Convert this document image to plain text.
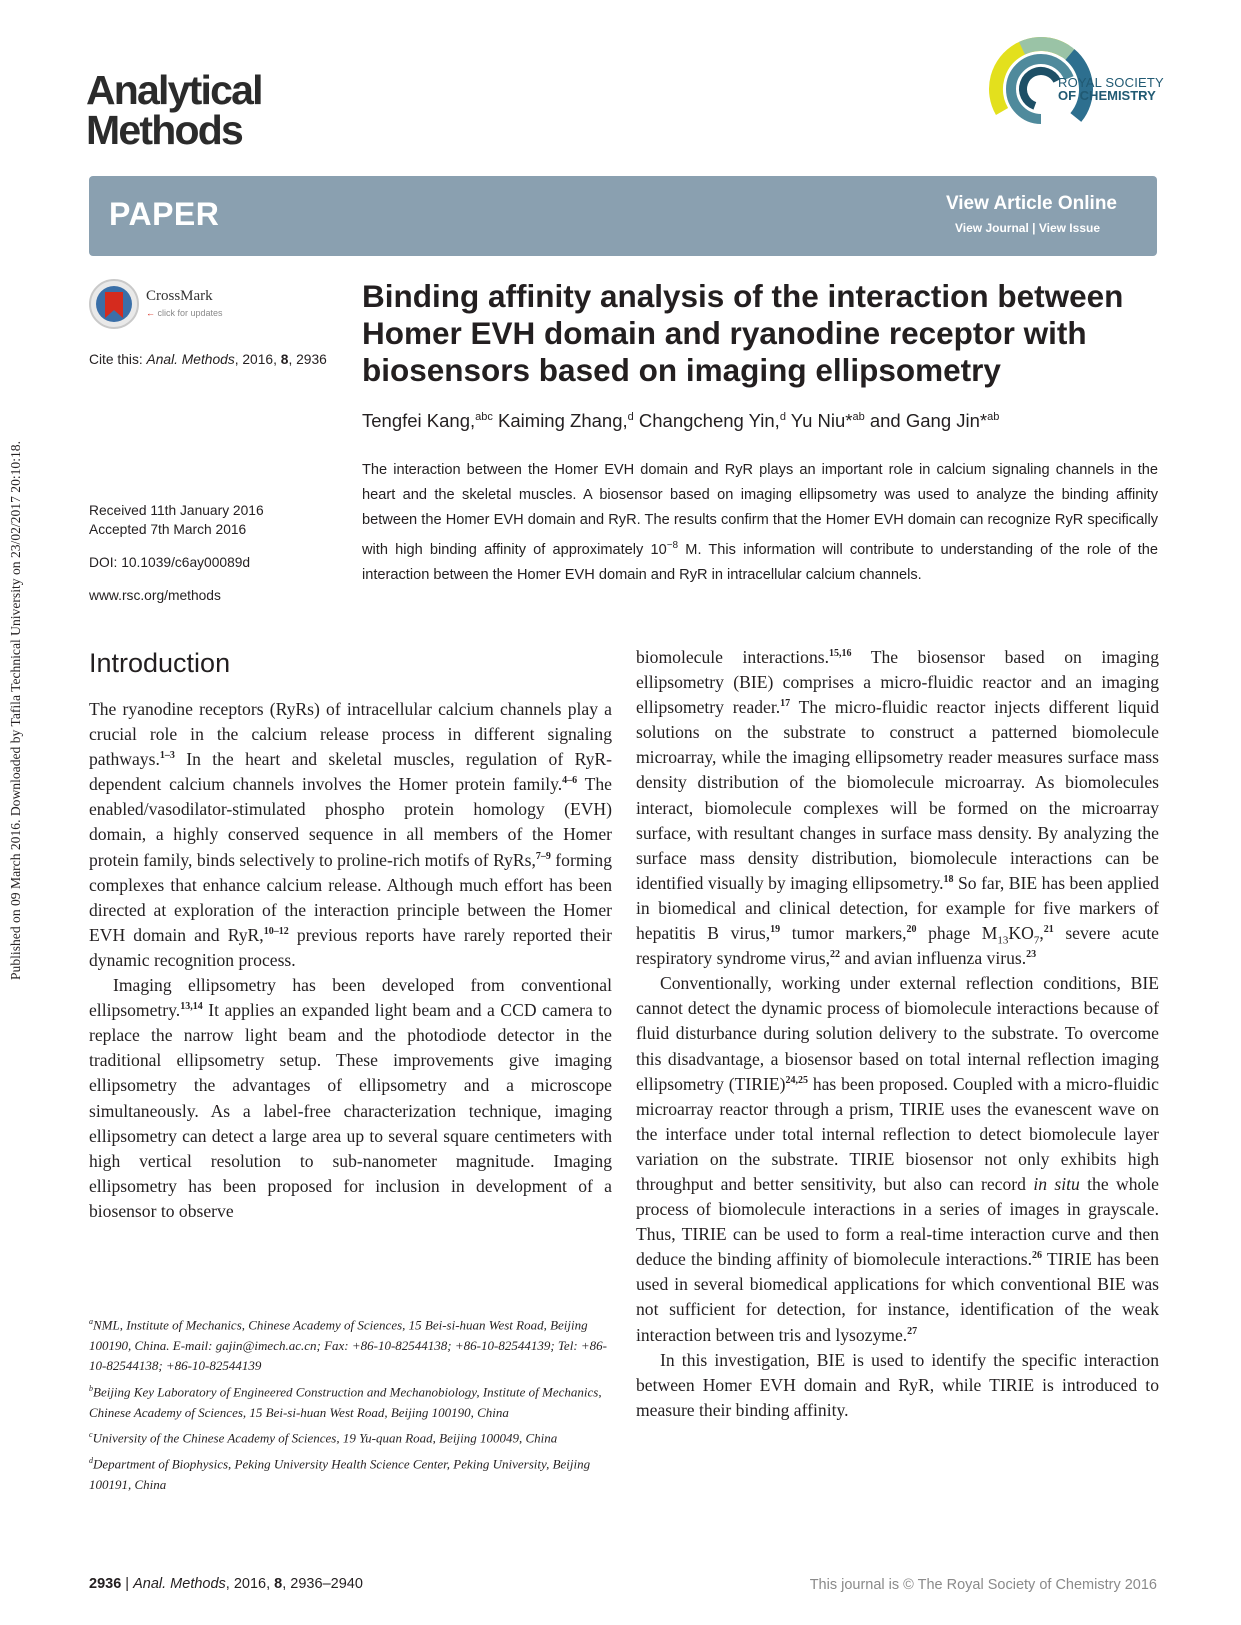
Published on 09 March 2016. Downloaded by Tafila Technical University on 23/02/2017 20:10:18.
Analytical
Methods
ROYAL SOCIETY
OF CHEMISTRY
PAPER	View Article Online
View Journal | View Issue
CrossMark
← click for updates
Cite this: Anal. Methods, 2016, 8, 2936
Received 11th January 2016
Accepted 7th March 2016
DOI: 10.1039/c6ay00089d
www.rsc.org/methods
Binding affinity analysis of the interaction between Homer EVH domain and ryanodine receptor with biosensors based on imaging ellipsometry
Tengfei Kang,$^{abc}$ Kaiming Zhang,$^d$ Changcheng Yin,$^d$ Yu Niu*$^{ab}$ and Gang Jin*$^{ab}$
The interaction between the Homer EVH domain and RyR plays an important role in calcium signaling channels in the heart and the skeletal muscles. A biosensor based on imaging ellipsometry was used to analyze the binding affinity between the Homer EVH domain and RyR. The results confirm that the Homer EVH domain can recognize RyR specifically with high binding affinity of approximately $10^{-8}$ M. This information will contribute to understanding of the role of the interaction between the Homer EVH domain and RyR in intracellular calcium channels.
Introduction

The ryanodine receptors (RyRs) of intracellular calcium channels play a crucial role in the calcium release process in different signaling pathways.$^{1-3}$ In the heart and skeletal muscles, regulation of RyR-dependent calcium channels involves the Homer protein family.$^{4-6}$ The enabled/vasodilator-stimulated phospho protein homology (EVH) domain, a highly conserved sequence in all members of the Homer protein family, binds selectively to proline-rich motifs of RyRs,$^{7-9}$ forming complexes that enhance calcium release. Although much effort has been directed at exploration of the interaction principle between the Homer EVH domain and RyR,$^{10-12}$ previous reports have rarely reported their dynamic recognition process.

Imaging ellipsometry has been developed from conventional ellipsometry.$^{13,14}$ It applies an expanded light beam and a CCD camera to replace the narrow light beam and the photodiode detector in the traditional ellipsometry setup. These improvements give imaging ellipsometry the advantages of ellipsometry and a microscope simultaneously. As a label-free characterization technique, imaging ellipsometry can detect a large area up to several square centimeters with high vertical resolution to sub-nanometer magnitude. Imaging ellipsometry has been proposed for inclusion in development of a biosensor to observe

biomolecule interactions.$^{15,16}$ The biosensor based on imaging ellipsometry (BIE) comprises a micro-fluidic reactor and an imaging ellipsometry reader.$^{17}$ The micro-fluidic reactor injects different liquid solutions on the substrate to construct a patterned biomolecule microarray, while the imaging ellipsometry reader measures surface mass density distribution of the biomolecule microarray. As biomolecules interact, biomolecule complexes will be formed on the microarray surface, with resultant changes in surface mass density. By analyzing the surface mass density distribution, biomolecule interactions can be identified visually by imaging ellipsometry.$^{18}$ So far, BIE has been applied in biomedical and clinical detection, for example for five markers of hepatitis B virus,$^{19}$ tumor markers,$^{20}$ phage $M_{13}KO_7,^{21}$ severe acute respiratory syndrome virus,$^{22}$ and avian influenza virus.$^{23}$

Conventionally, working under external reflection conditions, BIE cannot detect the dynamic process of biomolecule interactions because of fluid disturbance during solution delivery to the substrate. To overcome this disadvantage, a biosensor based on total internal reflection imaging ellipsometry (TIRIE)$^{24,25}$ has been proposed. Coupled with a micro-fluidic microarray reactor through a prism, TIRIE uses the evanescent wave on the interface under total internal reflection to detect biomolecule layer variation on the substrate. TIRIE biosensor not only exhibits high throughput and better sensitivity, but also can record in situ the whole process of biomolecule interactions in a series of images in grayscale. Thus, TIRIE can be used to form a real-time interaction curve and then deduce the binding affinity of biomolecule interactions.$^{26}$ TIRIE has been used in several biomedical applications for which conventional BIE was not sufficient for detection, for instance, identification of the weak interaction between tris and lysozyme.$^{27}$

In this investigation, BIE is used to identify the specific interaction between Homer EVH domain and RyR, while TIRIE is introduced to measure their binding affinity.

$^a$NML, Institute of Mechanics, Chinese Academy of Sciences, 15 Bei-si-huan West Road, Beijing 100190, China. E-mail: gajin@imech.ac.cn; Fax: +86-10-82544138; +86-10-82544139; Tel: +86-10-82544138; +86-10-82544139

$^b$Beijing Key Laboratory of Engineered Construction and Mechanobiology, Institute of Mechanics, Chinese Academy of Sciences, 15 Bei-si-huan West Road, Beijing 100190, China

$^c$University of the Chinese Academy of Sciences, 19 Yu-quan Road, Beijing 100049, China

$^d$Department of Biophysics, Peking University Health Science Center, Peking University, Beijing 100191, China

2936 | Anal. Methods, 2016, 8, 2936–2940	This journal is © The Royal Society of Chemistry 2016
